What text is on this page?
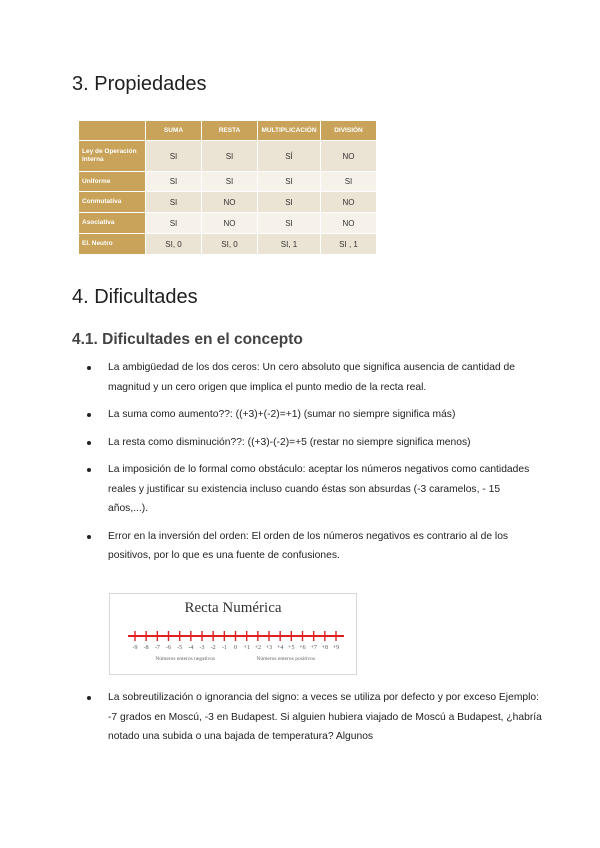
3. Propiedades
	SUMA	RESTA	MULTIPLICACIÓN	DIVISIÓN
Ley de Operación Interna	SI	SI	SÍ	NO
Uniforme	SI	SI	SI	SI
Conmutativa	SI	NO	SI	NO
Asociativa	SI	NO	SI	NO
El. Neutro	SI, 0	SI, 0	SI, 1	SI , 1
4. Dificultades
4.1. Dificultades en el concepto
La ambigüedad de los dos ceros: Un cero absoluto que significa ausencia de cantidad de magnitud y un cero origen que implica el punto medio de la recta real.
La suma como aumento??: ((+3)+(-2)=+1) (sumar no siempre significa más)
La resta como disminución??: ((+3)-(-2)=+5 (restar no siempre significa menos)
La imposición de lo formal como obstáculo: aceptar los números negativos como cantidades reales y justificar su existencia incluso cuando éstas son absurdas (-3 caramelos, - 15 años,...).
Error en la inversión del orden: El orden de los números negativos es contrario al de los positivos, por lo que es una fuente de confusiones.
Recta Numérica
-9 -8 -7 -6 -5 -4 -3 -2 -1 0 +1 +2 +3 +4 +5 +6 +7 +8 +9
Números enteros negativos	Números enteros positivos
La sobreutilización o ignorancia del signo: a veces se utiliza por defecto y por exceso Ejemplo: -7 grados en Moscú, -3 en Budapest. Si alguien hubiera viajado de Moscú a Budapest, ¿habría notado una subida o una bajada de temperatura? Algunos
